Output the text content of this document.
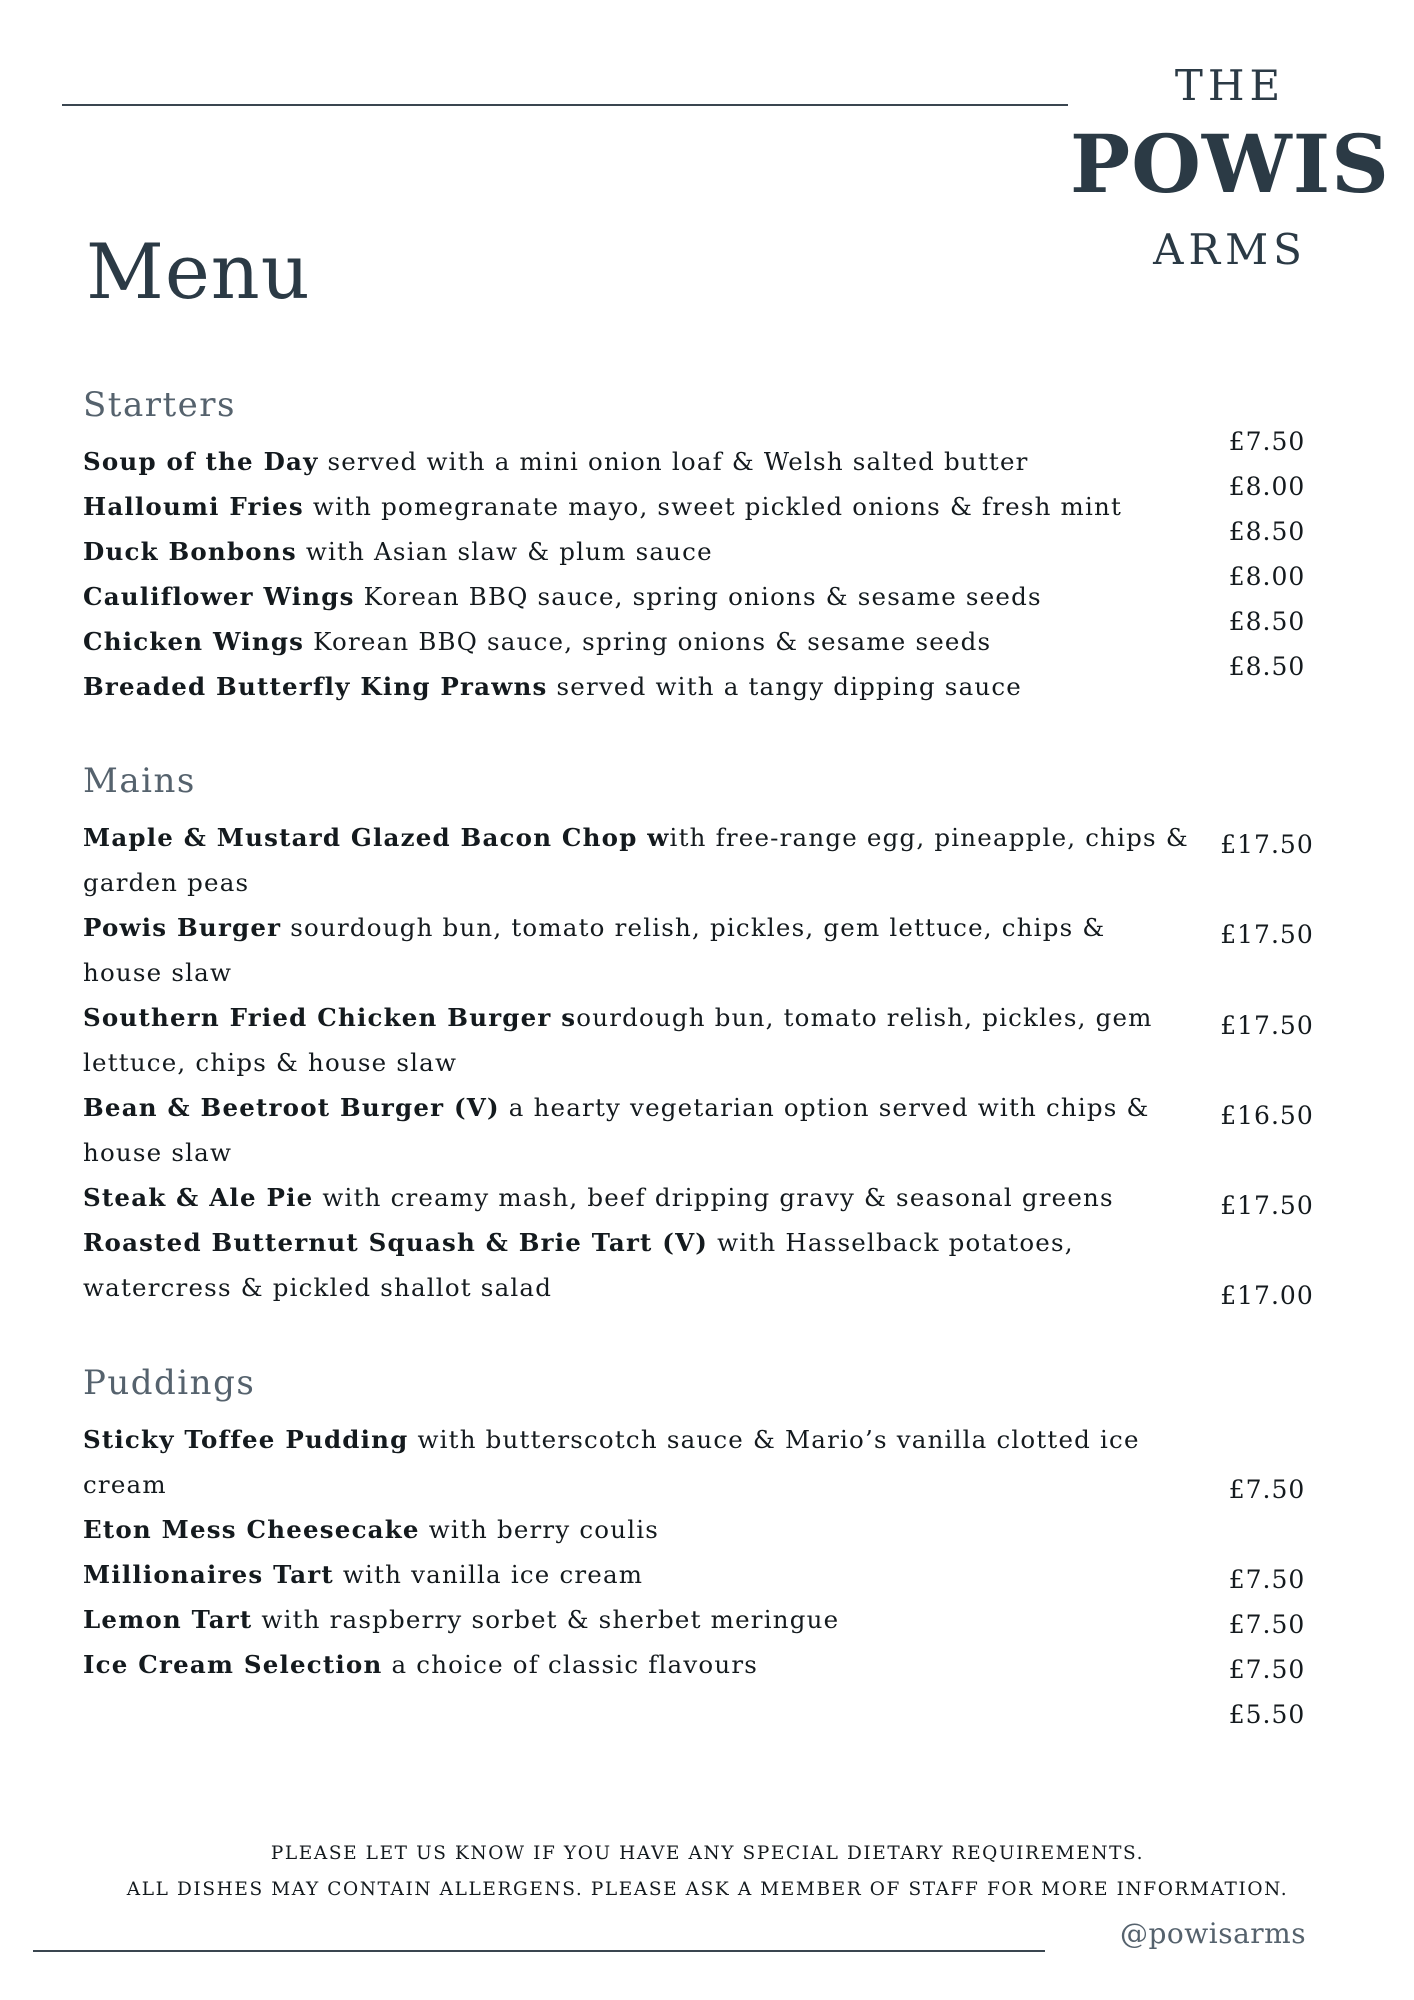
THE
POWIS
ARMS
Menu
Starters
Soup of the Day served with a mini onion loaf & Welsh salted butter
Halloumi Fries with pomegranate mayo, sweet pickled onions & fresh mint
Duck Bonbons with Asian slaw & plum sauce
Cauliflower Wings Korean BBQ sauce, spring onions & sesame seeds
Chicken Wings Korean BBQ sauce, spring onions & sesame seeds
Breaded Butterfly King Prawns served with a tangy dipping sauce
£7.50
£8.00
£8.50
£8.00
£8.50
£8.50
Mains
Maple & Mustard Glazed Bacon Chop with free-range egg, pineapple, chips & garden peas
Powis Burger sourdough bun, tomato relish, pickles, gem lettuce, chips & house slaw
Southern Fried Chicken Burger sourdough bun, tomato relish, pickles, gem lettuce, chips & house slaw
Bean & Beetroot Burger (V) a hearty vegetarian option served with chips & house slaw
Steak & Ale Pie with creamy mash, beef dripping gravy & seasonal greens
Roasted Butternut Squash & Brie Tart (V) with Hasselback potatoes, watercress & pickled shallot salad
£17.50
£17.50
£17.50
£16.50
£17.50
£17.00
Puddings
Sticky Toffee Pudding with butterscotch sauce & Mario’s vanilla clotted ice cream
Eton Mess Cheesecake with berry coulis
Millionaires Tart with vanilla ice cream
Lemon Tart with raspberry sorbet & sherbet meringue
Ice Cream Selection a choice of classic flavours
£7.50
£7.50
£7.50
£7.50
£5.50
PLEASE LET US KNOW IF YOU HAVE ANY SPECIAL DIETARY REQUIREMENTS.
ALL DISHES MAY CONTAIN ALLERGENS. PLEASE ASK A MEMBER OF STAFF FOR MORE INFORMATION.
@powisarms
